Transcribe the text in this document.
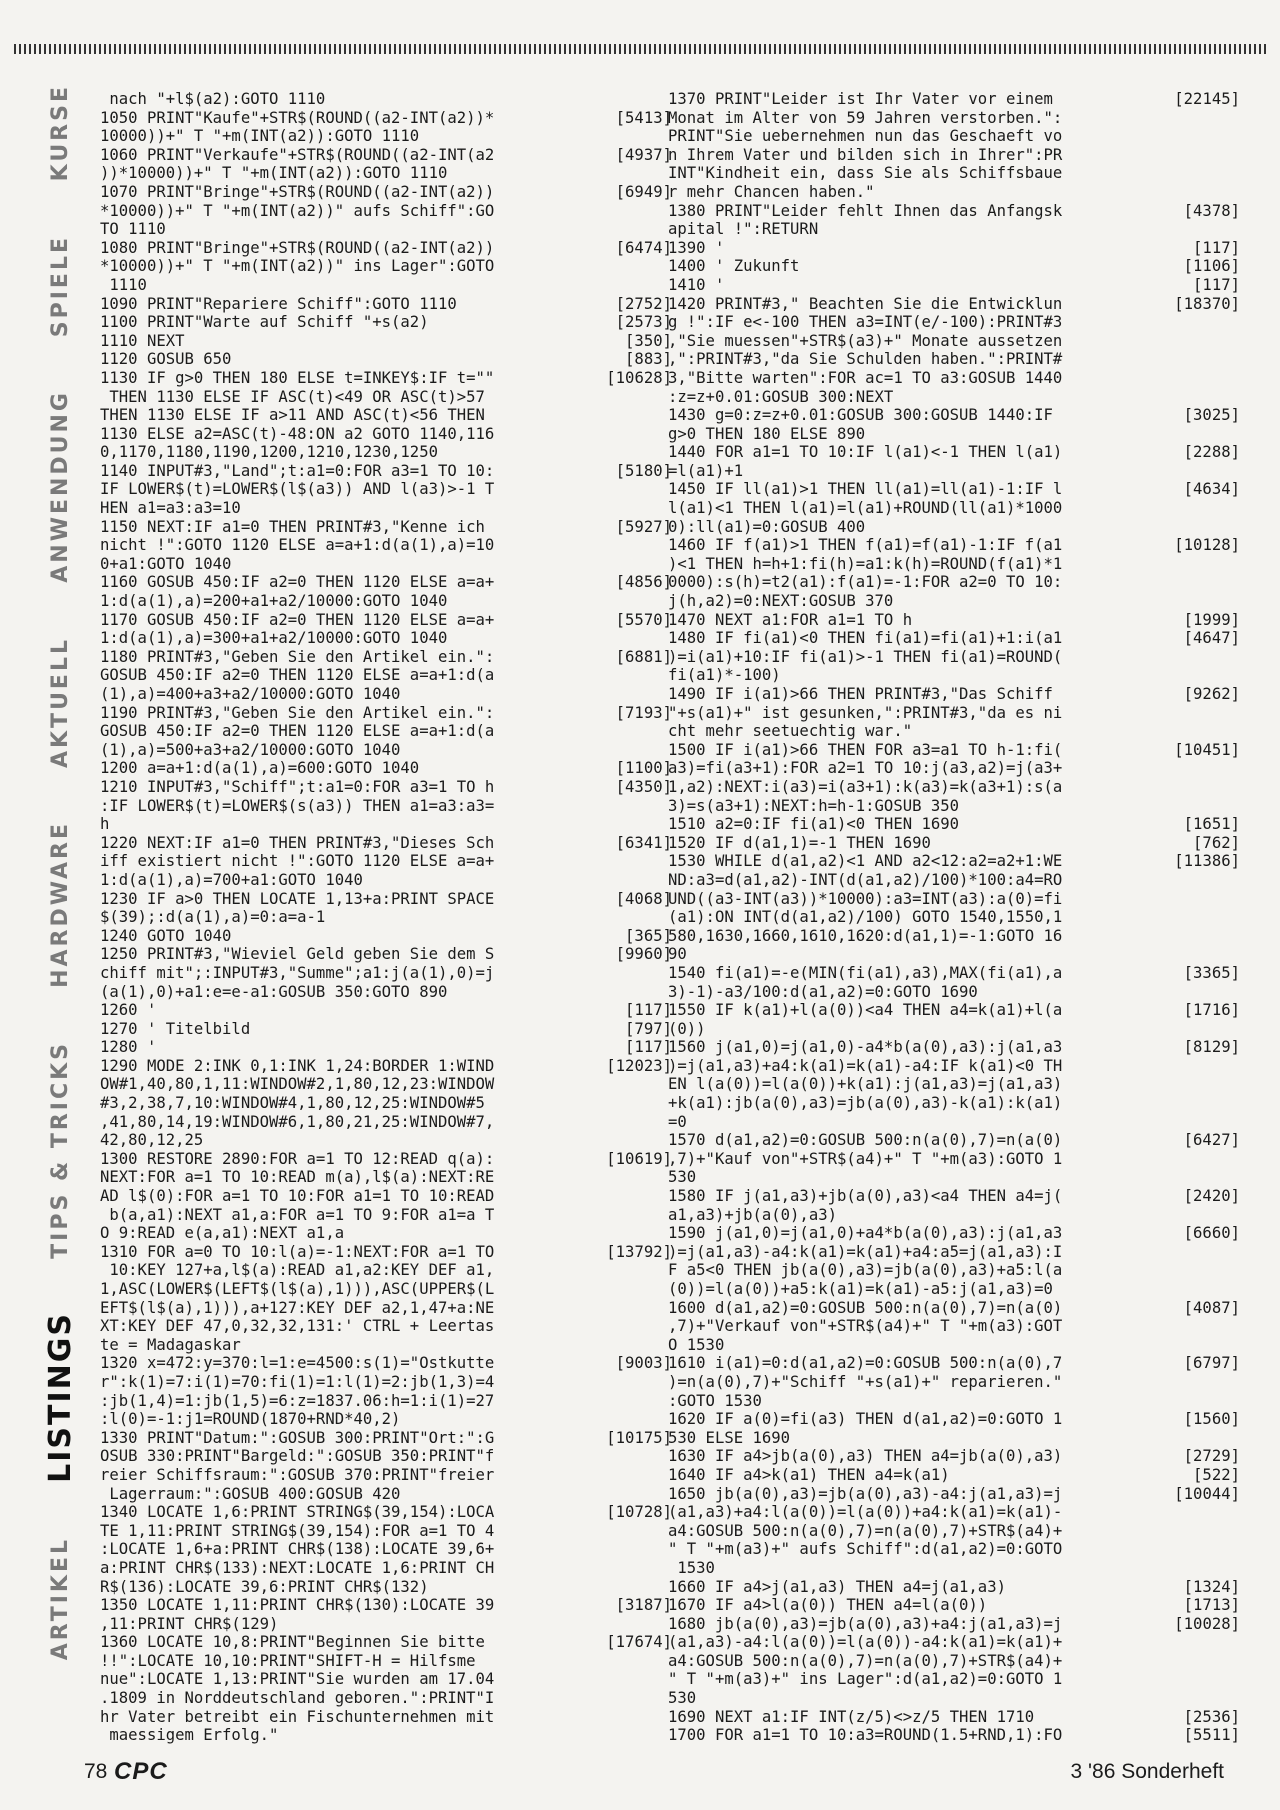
KURSE
SPIELE
ANWENDUNG
AKTUELL
HARDWARE
TIPS & TRICKS
LISTINGS
ARTIKEL
nach "+l$(a2):GOTO 1110
1050 PRINT"Kaufe"+STR$(ROUND((a2-INT(a2))*	[5413]
10000))+" T "+m(INT(a2)):GOTO 1110
1060 PRINT"Verkaufe"+STR$(ROUND((a2-INT(a2	[4937]
))*10000))+" T "+m(INT(a2)):GOTO 1110
1070 PRINT"Bringe"+STR$(ROUND((a2-INT(a2))	[6949]
*10000))+" T "+m(INT(a2))" aufs Schiff":GO
TO 1110
1080 PRINT"Bringe"+STR$(ROUND((a2-INT(a2))	[6474]
*10000))+" T "+m(INT(a2))" ins Lager":GOTO
1110
1090 PRINT"Repariere Schiff":GOTO 1110	[2752]
1100 PRINT"Warte auf Schiff "+s(a2)	[2573]
1110 NEXT	[350]
1120 GOSUB 650	[883]
1130 IF g>0 THEN 180 ELSE t=INKEY$:IF t=""	[10628]
THEN 1130 ELSE IF ASC(t)<49 OR ASC(t)>57
THEN 1130 ELSE IF a>11 AND ASC(t)<56 THEN
1130 ELSE a2=ASC(t)-48:ON a2 GOTO 1140,116
0,1170,1180,1190,1200,1210,1230,1250
1140 INPUT#3,"Land";t:a1=0:FOR a3=1 TO 10:	[5180]
IF LOWER$(t)=LOWER$(l$(a3)) AND l(a3)>-1 T
HEN a1=a3:a3=10
1150 NEXT:IF a1=0 THEN PRINT#3,"Kenne ich	[5927]
nicht !":GOTO 1120 ELSE a=a+1:d(a(1),a)=10
0+a1:GOTO 1040
1160 GOSUB 450:IF a2=0 THEN 1120 ELSE a=a+	[4856]
1:d(a(1),a)=200+a1+a2/10000:GOTO 1040
1170 GOSUB 450:IF a2=0 THEN 1120 ELSE a=a+	[5570]
1:d(a(1),a)=300+a1+a2/10000:GOTO 1040
1180 PRINT#3,"Geben Sie den Artikel ein.":	[6881]
GOSUB 450:IF a2=0 THEN 1120 ELSE a=a+1:d(a
(1),a)=400+a3+a2/10000:GOTO 1040
1190 PRINT#3,"Geben Sie den Artikel ein.":	[7193]
GOSUB 450:IF a2=0 THEN 1120 ELSE a=a+1:d(a
(1),a)=500+a3+a2/10000:GOTO 1040
1200 a=a+1:d(a(1),a)=600:GOTO 1040	[1100]
1210 INPUT#3,"Schiff";t:a1=0:FOR a3=1 TO h	[4350]
:IF LOWER$(t)=LOWER$(s(a3)) THEN a1=a3:a3=
h
1220 NEXT:IF a1=0 THEN PRINT#3,"Dieses Sch	[6341]
iff existiert nicht !":GOTO 1120 ELSE a=a+
1:d(a(1),a)=700+a1:GOTO 1040
1230 IF a>0 THEN LOCATE 1,13+a:PRINT SPACE	[4068]
$(39);:d(a(1),a)=0:a=a-1
1240 GOTO 1040	[365]
1250 PRINT#3,"Wieviel Geld geben Sie dem S	[9960]
chiff mit";:INPUT#3,"Summe";a1:j(a(1),0)=j
(a(1),0)+a1:e=e-a1:GOSUB 350:GOTO 890
1260 '	[117]
1270 ' Titelbild	[797]
1280 '	[117]
1290 MODE 2:INK 0,1:INK 1,24:BORDER 1:WIND	[12023]
OW#1,40,80,1,11:WINDOW#2,1,80,12,23:WINDOW
#3,2,38,7,10:WINDOW#4,1,80,12,25:WINDOW#5
,41,80,14,19:WINDOW#6,1,80,21,25:WINDOW#7,
42,80,12,25
1300 RESTORE 2890:FOR a=1 TO 12:READ q(a):	[10619]
NEXT:FOR a=1 TO 10:READ m(a),l$(a):NEXT:RE
AD l$(0):FOR a=1 TO 10:FOR a1=1 TO 10:READ
b(a,a1):NEXT a1,a:FOR a=1 TO 9:FOR a1=a T
O 9:READ e(a,a1):NEXT a1,a
1310 FOR a=0 TO 10:l(a)=-1:NEXT:FOR a=1 TO	[13792]
10:KEY 127+a,l$(a):READ a1,a2:KEY DEF a1,
1,ASC(LOWER$(LEFT$(l$(a),1))),ASC(UPPER$(L
EFT$(l$(a),1))),a+127:KEY DEF a2,1,47+a:NE
XT:KEY DEF 47,0,32,32,131:' CTRL + Leertas
te = Madagaskar
1320 x=472:y=370:l=1:e=4500:s(1)="Ostkutte	[9003]
r":k(1)=7:i(1)=70:fi(1)=1:l(1)=2:jb(1,3)=4
:jb(1,4)=1:jb(1,5)=6:z=1837.06:h=1:i(1)=27
:l(0)=-1:j1=ROUND(1870+RND*40,2)
1330 PRINT"Datum:":GOSUB 300:PRINT"Ort:":G	[10175]
OSUB 330:PRINT"Bargeld:":GOSUB 350:PRINT"f
reier Schiffsraum:":GOSUB 370:PRINT"freier
Lagerraum:":GOSUB 400:GOSUB 420
1340 LOCATE 1,6:PRINT STRING$(39,154):LOCA	[10728]
TE 1,11:PRINT STRING$(39,154):FOR a=1 TO 4
:LOCATE 1,6+a:PRINT CHR$(138):LOCATE 39,6+
a:PRINT CHR$(133):NEXT:LOCATE 1,6:PRINT CH
R$(136):LOCATE 39,6:PRINT CHR$(132)
1350 LOCATE 1,11:PRINT CHR$(130):LOCATE 39	[3187]
,11:PRINT CHR$(129)
1360 LOCATE 10,8:PRINT"Beginnen Sie bitte	[17674]
!!":LOCATE 10,10:PRINT"SHIFT-H = Hilfsme
nue":LOCATE 1,13:PRINT"Sie wurden am 17.04
.1809 in Norddeutschland geboren.":PRINT"I
hr Vater betreibt ein Fischunternehmen mit
maessigem Erfolg."
1370 PRINT"Leider ist Ihr Vater vor einem	[22145]
Monat im Alter von 59 Jahren verstorben.":
PRINT"Sie uebernehmen nun das Geschaeft vo
n Ihrem Vater und bilden sich in Ihrer":PR
INT"Kindheit ein, dass Sie als Schiffsbaue
r mehr Chancen haben."
1380 PRINT"Leider fehlt Ihnen das Anfangsk	[4378]
apital !":RETURN
1390 '	[117]
1400 ' Zukunft	[1106]
1410 '	[117]
1420 PRINT#3," Beachten Sie die Entwicklun	[18370]
g !":IF e<-100 THEN a3=INT(e/-100):PRINT#3
,"Sie muessen"+STR$(a3)+" Monate aussetzen
,":PRINT#3,"da Sie Schulden haben.":PRINT#
3,"Bitte warten":FOR ac=1 TO a3:GOSUB 1440
:z=z+0.01:GOSUB 300:NEXT
1430 g=0:z=z+0.01:GOSUB 300:GOSUB 1440:IF	[3025]
g>0 THEN 180 ELSE 890
1440 FOR a1=1 TO 10:IF l(a1)<-1 THEN l(a1)	[2288]
=l(a1)+1
1450 IF ll(a1)>1 THEN ll(a1)=ll(a1)-1:IF l	[4634]
l(a1)<1 THEN l(a1)=l(a1)+ROUND(ll(a1)*1000
0):ll(a1)=0:GOSUB 400
1460 IF f(a1)>1 THEN f(a1)=f(a1)-1:IF f(a1	[10128]
)<1 THEN h=h+1:fi(h)=a1:k(h)=ROUND(f(a1)*1
0000):s(h)=t2(a1):f(a1)=-1:FOR a2=0 TO 10:
j(h,a2)=0:NEXT:GOSUB 370
1470 NEXT a1:FOR a1=1 TO h	[1999]
1480 IF fi(a1)<0 THEN fi(a1)=fi(a1)+1:i(a1	[4647]
)=i(a1)+10:IF fi(a1)>-1 THEN fi(a1)=ROUND(
fi(a1)*-100)
1490 IF i(a1)>66 THEN PRINT#3,"Das Schiff	[9262]
"+s(a1)+" ist gesunken,":PRINT#3,"da es ni
cht mehr seetuechtig war."
1500 IF i(a1)>66 THEN FOR a3=a1 TO h-1:fi(	[10451]
a3)=fi(a3+1):FOR a2=1 TO 10:j(a3,a2)=j(a3+
1,a2):NEXT:i(a3)=i(a3+1):k(a3)=k(a3+1):s(a
3)=s(a3+1):NEXT:h=h-1:GOSUB 350
1510 a2=0:IF fi(a1)<0 THEN 1690	[1651]
1520 IF d(a1,1)=-1 THEN 1690	[762]
1530 WHILE d(a1,a2)<1 AND a2<12:a2=a2+1:WE	[11386]
ND:a3=d(a1,a2)-INT(d(a1,a2)/100)*100:a4=RO
UND((a3-INT(a3))*10000):a3=INT(a3):a(0)=fi
(a1):ON INT(d(a1,a2)/100) GOTO 1540,1550,1
580,1630,1660,1610,1620:d(a1,1)=-1:GOTO 16
90
1540 fi(a1)=-e(MIN(fi(a1),a3),MAX(fi(a1),a	[3365]
3)-1)-a3/100:d(a1,a2)=0:GOTO 1690
1550 IF k(a1)+l(a(0))<a4 THEN a4=k(a1)+l(a	[1716]
(0))
1560 j(a1,0)=j(a1,0)-a4*b(a(0),a3):j(a1,a3	[8129]
)=j(a1,a3)+a4:k(a1)=k(a1)-a4:IF k(a1)<0 TH
EN l(a(0))=l(a(0))+k(a1):j(a1,a3)=j(a1,a3)
+k(a1):jb(a(0),a3)=jb(a(0),a3)-k(a1):k(a1)
=0
1570 d(a1,a2)=0:GOSUB 500:n(a(0),7)=n(a(0)	[6427]
,7)+"Kauf von"+STR$(a4)+" T "+m(a3):GOTO 1
530
1580 IF j(a1,a3)+jb(a(0),a3)<a4 THEN a4=j(	[2420]
a1,a3)+jb(a(0),a3)
1590 j(a1,0)=j(a1,0)+a4*b(a(0),a3):j(a1,a3	[6660]
)=j(a1,a3)-a4:k(a1)=k(a1)+a4:a5=j(a1,a3):I
F a5<0 THEN jb(a(0),a3)=jb(a(0),a3)+a5:l(a
(0))=l(a(0))+a5:k(a1)=k(a1)-a5:j(a1,a3)=0
1600 d(a1,a2)=0:GOSUB 500:n(a(0),7)=n(a(0)	[4087]
,7)+"Verkauf von"+STR$(a4)+" T "+m(a3):GOT
O 1530
1610 i(a1)=0:d(a1,a2)=0:GOSUB 500:n(a(0),7	[6797]
)=n(a(0),7)+"Schiff "+s(a1)+" reparieren."
:GOTO 1530
1620 IF a(0)=fi(a3) THEN d(a1,a2)=0:GOTO 1	[1560]
530 ELSE 1690
1630 IF a4>jb(a(0),a3) THEN a4=jb(a(0),a3)	[2729]
1640 IF a4>k(a1) THEN a4=k(a1)	[522]
1650 jb(a(0),a3)=jb(a(0),a3)-a4:j(a1,a3)=j	[10044]
(a1,a3)+a4:l(a(0))=l(a(0))+a4:k(a1)=k(a1)-
a4:GOSUB 500:n(a(0),7)=n(a(0),7)+STR$(a4)+
" T "+m(a3)+" aufs Schiff":d(a1,a2)=0:GOTO
1530
1660 IF a4>j(a1,a3) THEN a4=j(a1,a3)	[1324]
1670 IF a4>l(a(0)) THEN a4=l(a(0))	[1713]
1680 jb(a(0),a3)=jb(a(0),a3)+a4:j(a1,a3)=j	[10028]
(a1,a3)-a4:l(a(0))=l(a(0))-a4:k(a1)=k(a1)+
a4:GOSUB 500:n(a(0),7)=n(a(0),7)+STR$(a4)+
" T "+m(a3)+" ins Lager":d(a1,a2)=0:GOTO 1
530
1690 NEXT a1:IF INT(z/5)<>z/5 THEN 1710	[2536]
1700 FOR a1=1 TO 10:a3=ROUND(1.5+RND,1):FO	[5511]
78 CPC	3 '86 Sonderheft
